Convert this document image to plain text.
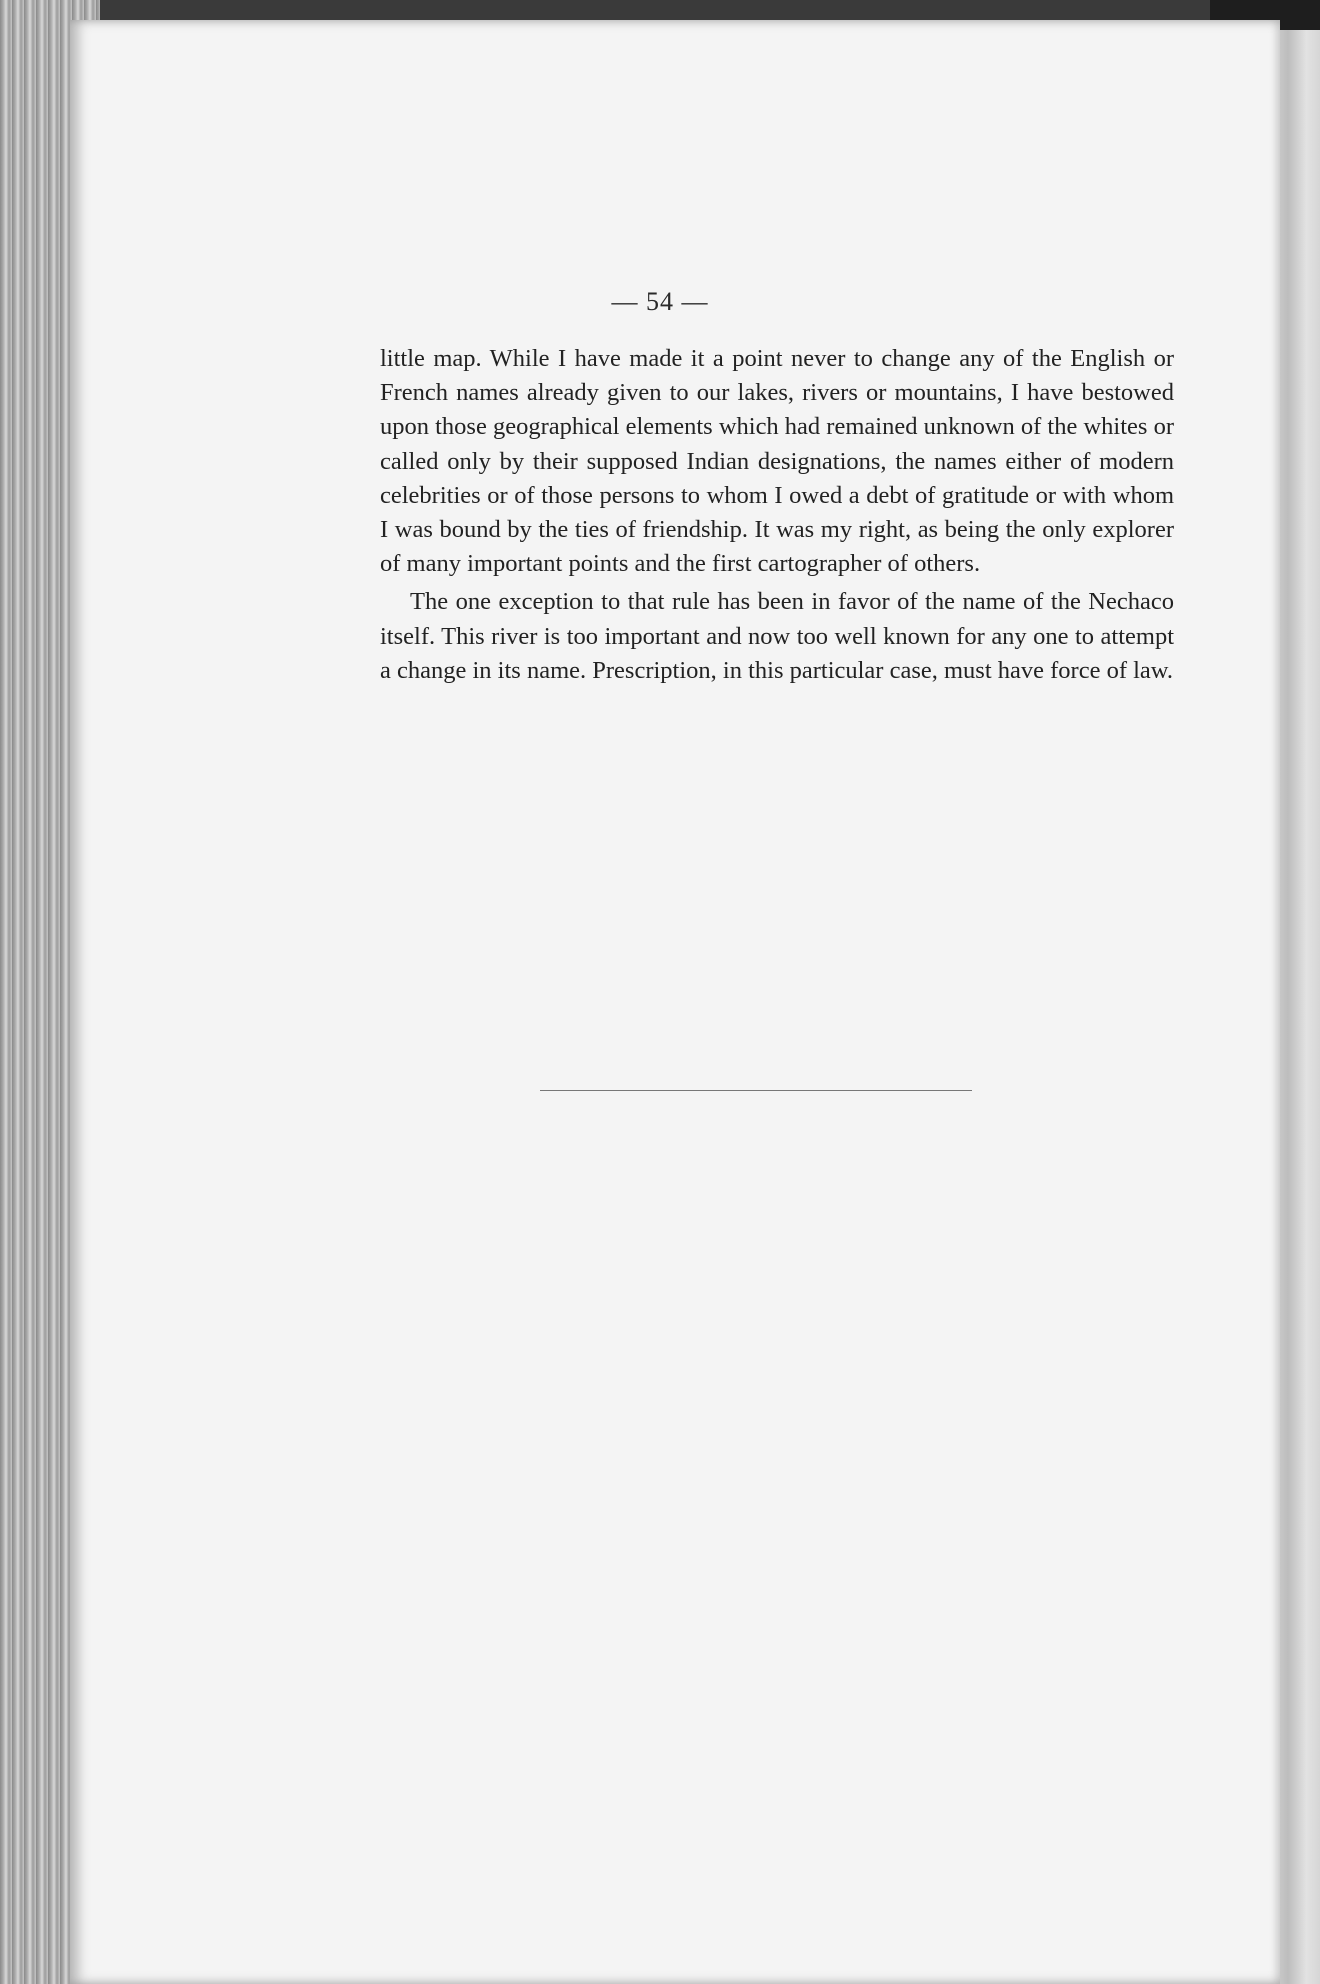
— 54 —

little map. While I have made it a point never to change any of the English or French names already given to our lakes, rivers or mountains, I have bestowed upon those geographical elements which had remained unknown of the whites or called only by their supposed Indian designations, the names either of modern celebrities or of those persons to whom I owed a debt of gratitude or with whom I was bound by the ties of friendship. It was my right, as being the only explorer of many important points and the first cartographer of others.

The one exception to that rule has been in favor of the name of the Nechaco itself. This river is too important and now too well known for any one to attempt a change in its name. Prescription, in this particular case, must have force of law.
